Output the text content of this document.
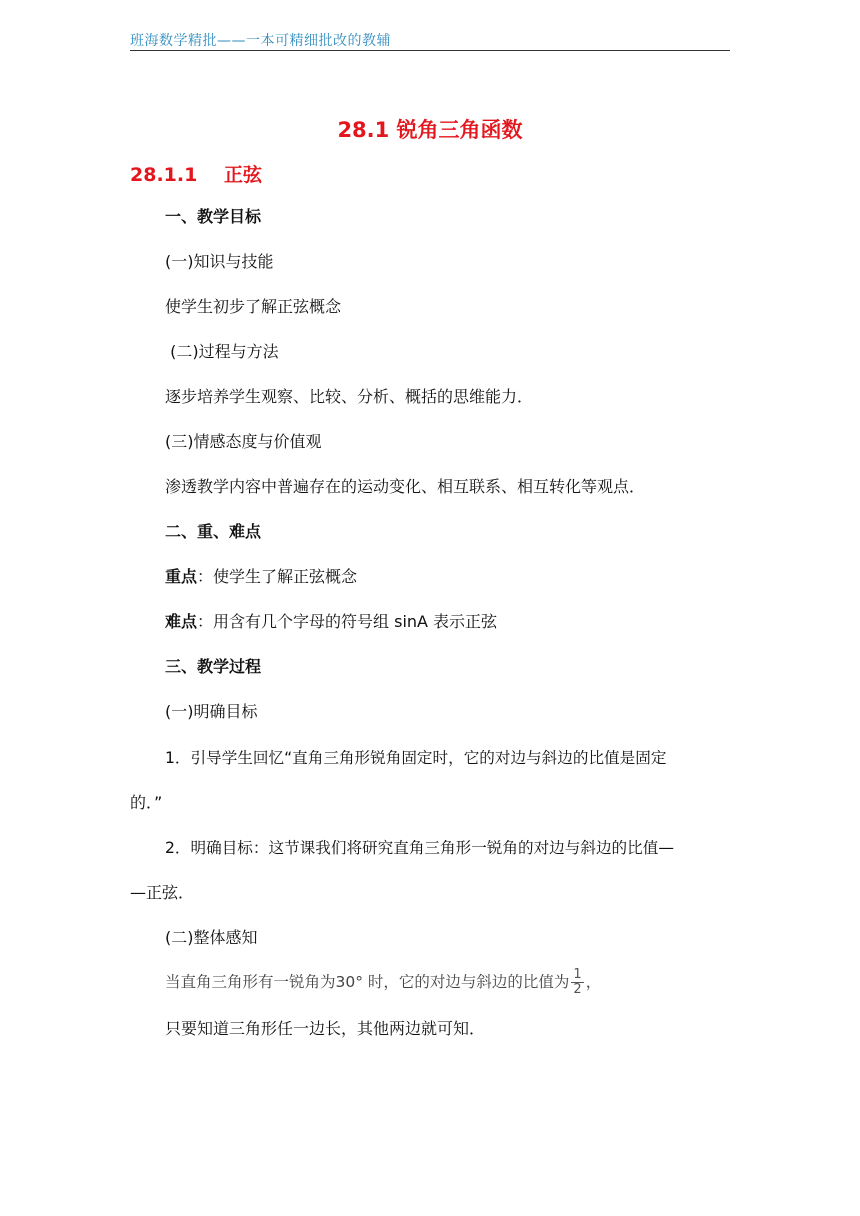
班海数学精批——一本可精细批改的教辅
28.1 锐角三角函数
28.1.1 正弦
一、教学目标
(一)知识与技能
使学生初步了解正弦概念
(二)过程与方法
逐步培养学生观察、比较、分析、概括的思维能力．
(三)情感态度与价值观
渗透教学内容中普遍存在的运动变化、相互联系、相互转化等观点．
二、重、难点
重点：使学生了解正弦概念
难点：用含有几个字母的符号组 sinA 表示正弦
三、教学过程
(一)明确目标
1．引导学生回忆“直角三角形锐角固定时，它的对边与斜边的比值是固定
的．”
2．明确目标：这节课我们将研究直角三角形一锐角的对边与斜边的比值—
—正弦．
(二)整体感知
当直角三角形有一锐角为30° 时，它的对边与斜边的比值为 $\frac{1}{2}$ ，
只要知道三角形任一边长，其他两边就可知．
